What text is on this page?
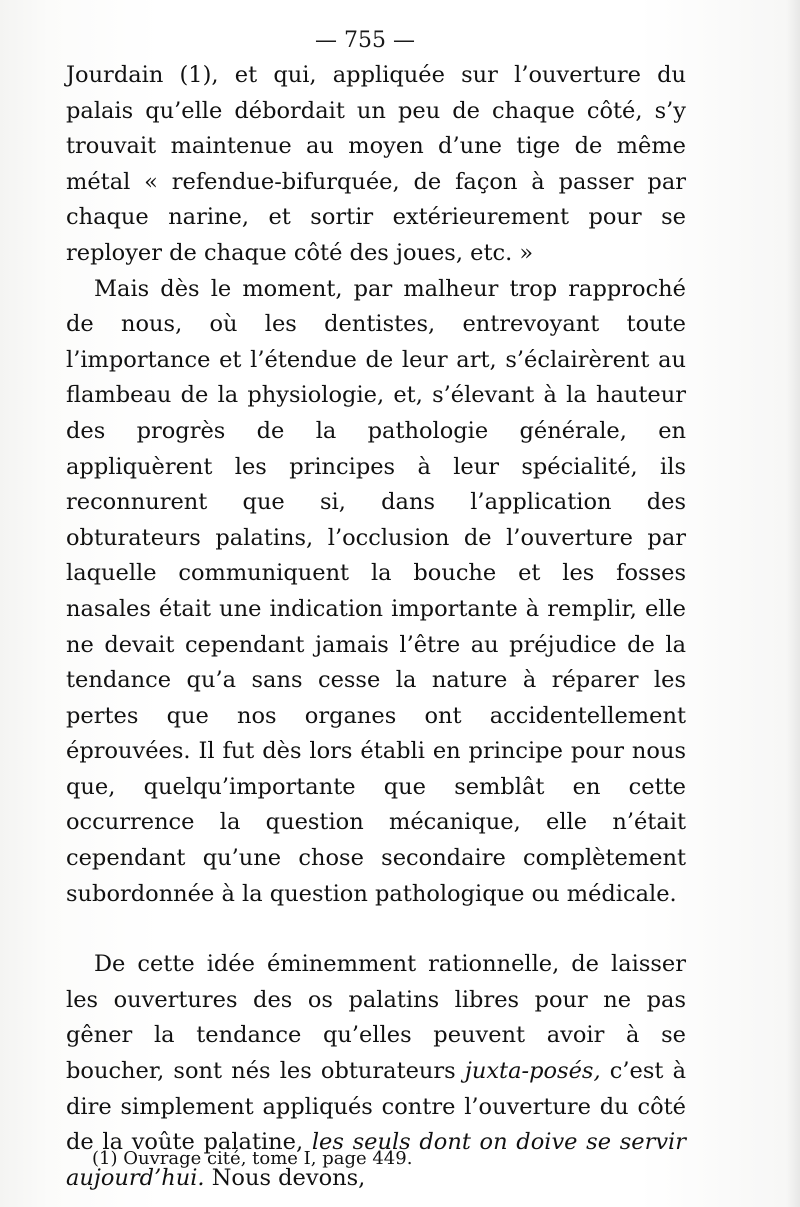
— 755 —

Jourdain (1), et qui, appliquée sur l’ouverture du palais qu’elle débordait un peu de chaque côté, s’y trouvait maintenue au moyen d’une tige de même métal « refendue-bifurquée, de façon à passer par chaque narine, et sortir extérieurement pour se reployer de chaque côté des joues, etc. »

Mais dès le moment, par malheur trop rapproché de nous, où les dentistes, entrevoyant toute l’importance et l’étendue de leur art, s’éclairèrent au flambeau de la physiologie, et, s’élevant à la hauteur des progrès de la pathologie générale, en appliquèrent les principes à leur spécialité, ils reconnurent que si, dans l’application des obturateurs palatins, l’occlusion de l’ouverture par laquelle communiquent la bouche et les fosses nasales était une indication importante à remplir, elle ne devait cependant jamais l’être au préjudice de la tendance qu’a sans cesse la nature à réparer les pertes que nos organes ont accidentellement éprouvées. Il fut dès lors établi en principe pour nous que, quelqu’importante que semblât en cette occurrence la question mécanique, elle n’était cependant qu’une chose secondaire complètement subordonnée à la question pathologique ou médicale.

De cette idée éminemment rationnelle, de laisser les ouvertures des os palatins libres pour ne pas gêner la tendance qu’elles peuvent avoir à se boucher, sont nés les obturateurs juxta-posés, c’est à dire simplement appliqués contre l’ouverture du côté de la voûte palatine, les seuls dont on doive se servir aujourd’hui. Nous devons,

(1) Ouvrage cité, tome I, page 449.
